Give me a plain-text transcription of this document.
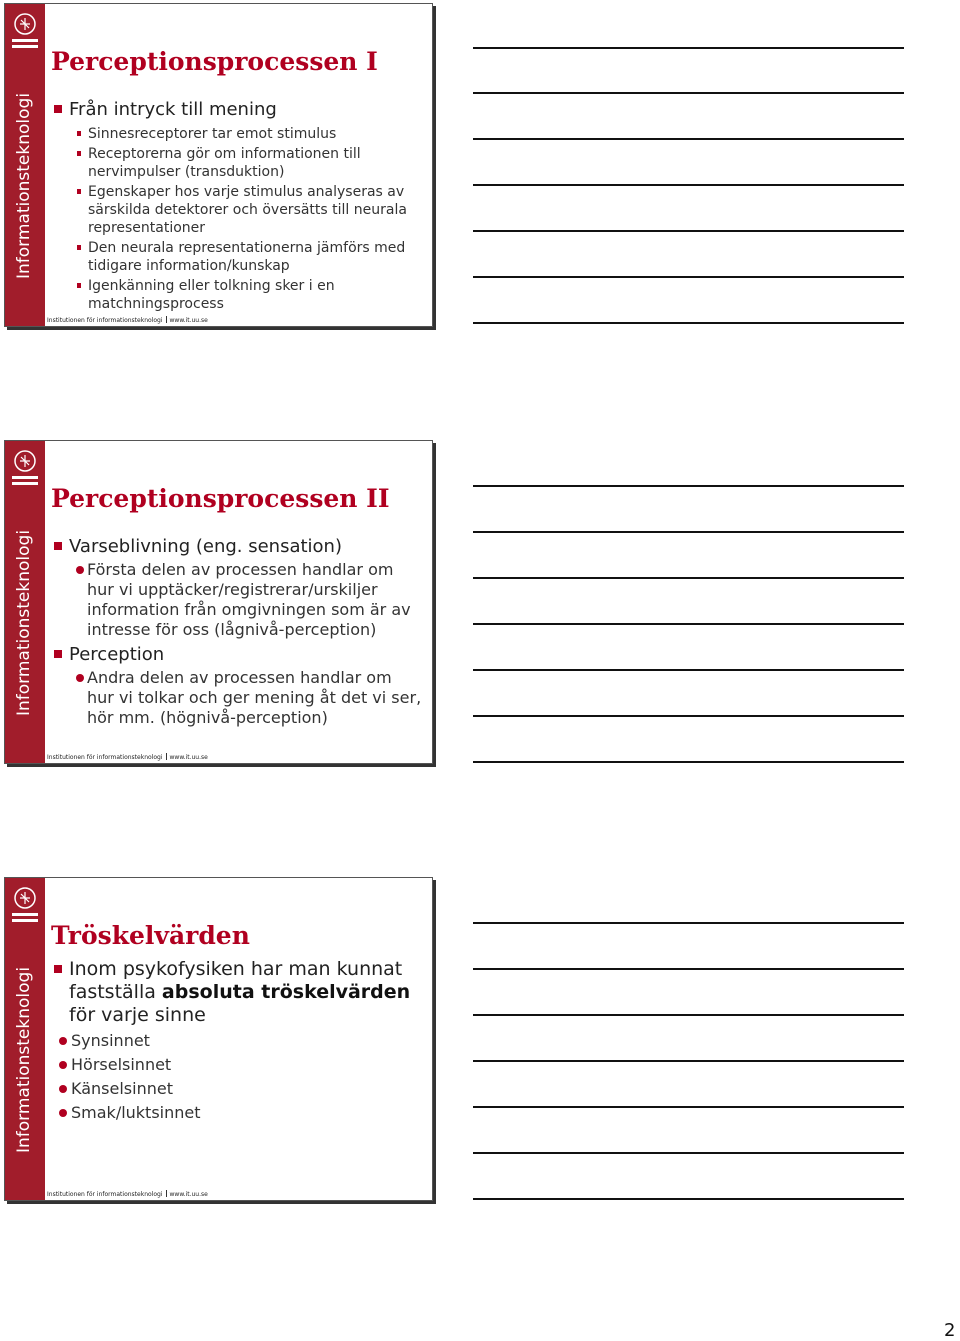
Informationsteknologi
Perceptionsprocessen I
Från intryck till mening
Sinnesreceptorer tar emot stimulus
Receptorerna gör om informationen till nervimpulser (transduktion)
Egenskaper hos varje stimulus analyseras av särskilda detektorer och översätts till neurala representationer
Den neurala representationerna jämförs med tidigare information/kunskap
Igenkänning eller tolkning sker i en matchningsprocess
Institutionen för informationsteknologi www.it.uu.se
Informationsteknologi
Perceptionsprocessen II
Varseblivning (eng. sensation)
Första delen av processen handlar om hur vi upptäcker/registrerar/urskiljer information från omgivningen som är av intresse för oss (lågnivå-perception)
Perception
Andra delen av processen handlar om hur vi tolkar och ger mening åt det vi ser, hör mm. (högnivå-perception)
Institutionen för informationsteknologi www.it.uu.se
Informationsteknologi
Tröskelvärden
Inom psykofysiken har man kunnat fastställa absoluta tröskelvärden för varje sinne
Synsinnet
Hörselsinnet
Känselsinnet
Smak/luktsinnet
Institutionen för informationsteknologi www.it.uu.se
2
